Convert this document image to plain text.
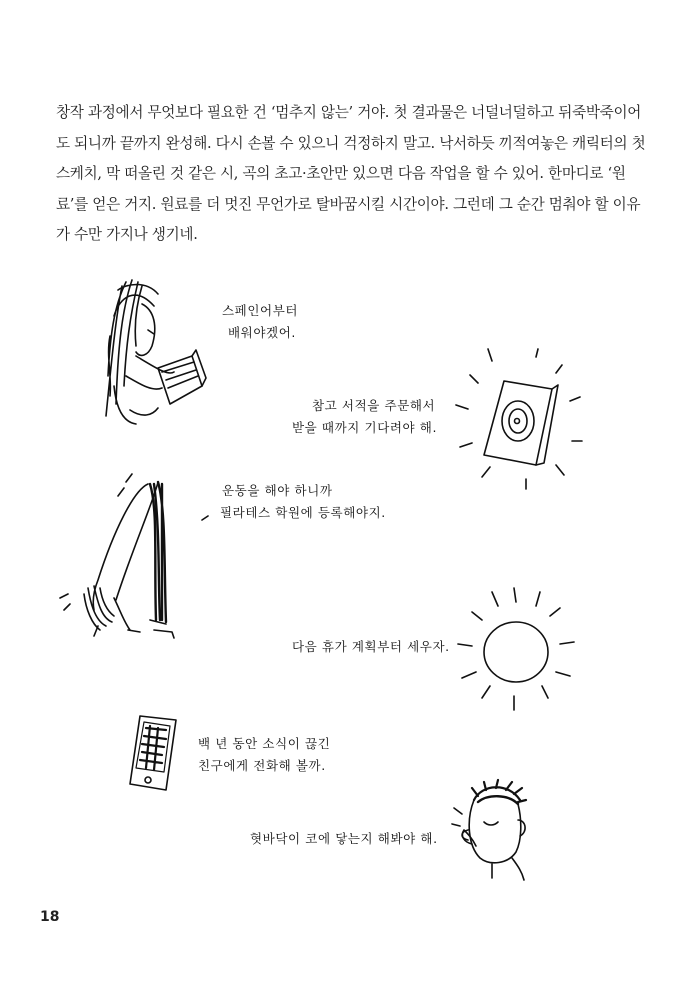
창작 과정에서 무엇보다 필요한 건 ‘멈추지 않는’ 거야. 첫 결과물은 너덜너덜하고 뒤죽박죽이어도 되니까 끝까지 완성해. 다시 손볼 수 있으니 걱정하지 말고. 낙서하듯 끼적여놓은 캐릭터의 첫 스케치, 막 떠올린 것 같은 시, 곡의 초고·초안만 있으면 다음 작업을 할 수 있어. 한마디로 ‘원료’를 얻은 거지. 원료를 더 멋진 무언가로 탈바꿈시킬 시간이야. 그런데 그 순간 멈춰야 할 이유가 수만 가지나 생기네.

스페인어부터
배워야겠어.
참고 서적을 주문해서
받을 때까지 기다려야 해.
운동을 해야 하니까
필라테스 학원에 등록해야지.
다음 휴가 계획부터 세우자.
백 년 동안 소식이 끊긴
친구에게 전화해 볼까.
혓바닥이 코에 닿는지 해봐야 해.
18
